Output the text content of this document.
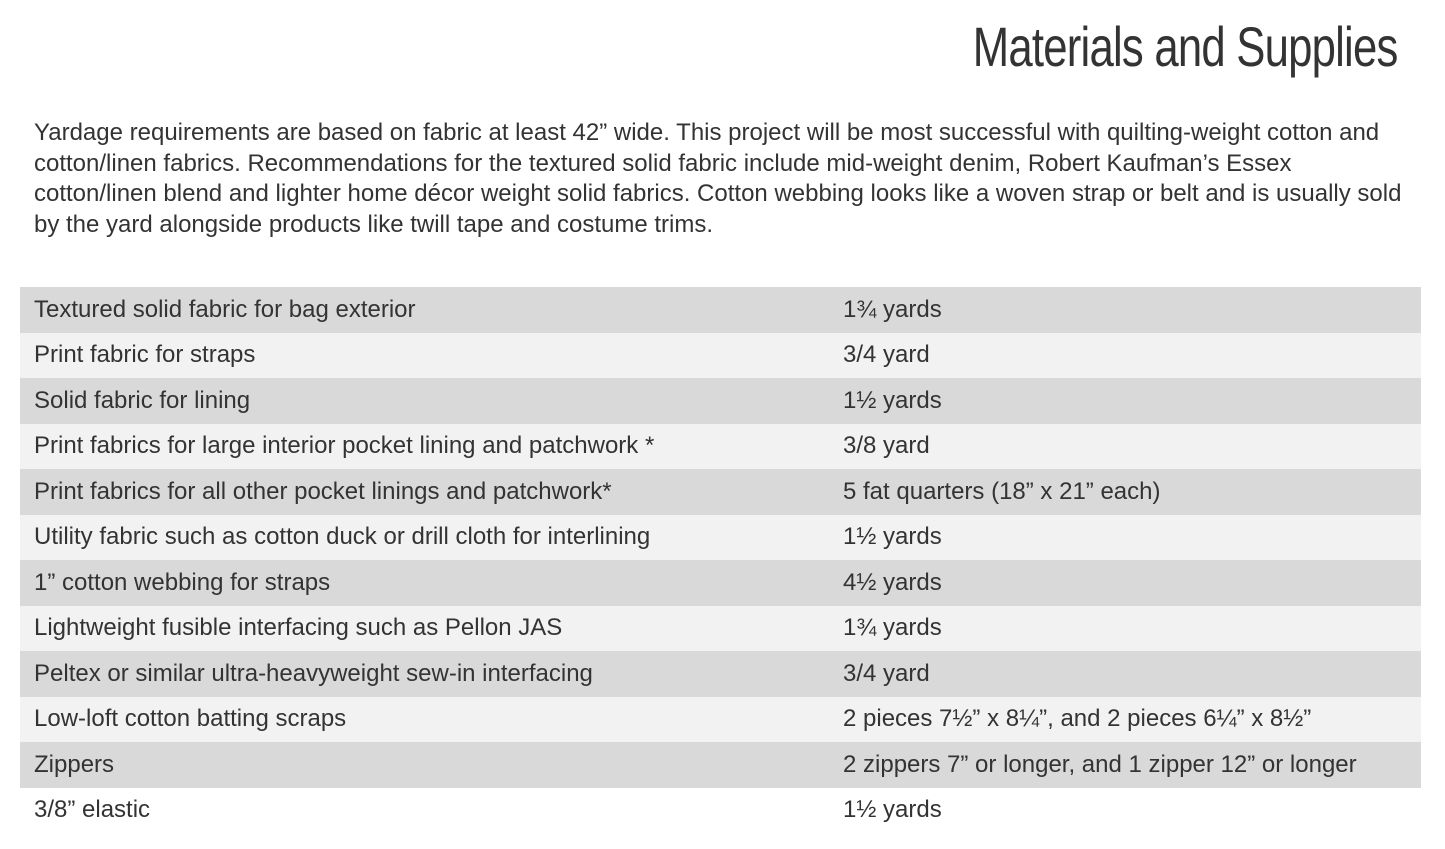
Materials and Supplies

Yardage requirements are based on fabric at least 42” wide. This project will be most successful with quilting-weight cotton and cotton/linen fabrics. Recommendations for the textured solid fabric include mid-weight denim, Robert Kaufman’s Essex cotton/linen blend and lighter home décor weight solid fabrics. Cotton webbing looks like a woven strap or belt and is usually sold by the yard alongside products like twill tape and costume trims.

Textured solid fabric for bag exterior	1¾ yards
Print fabric for straps	3/4 yard
Solid fabric for lining	1½ yards
Print fabrics for large interior pocket lining and patchwork *	3/8 yard
Print fabrics for all other pocket linings and patchwork*	5 fat quarters (18” x 21” each)
Utility fabric such as cotton duck or drill cloth for interlining	1½ yards
1” cotton webbing for straps	4½ yards
Lightweight fusible interfacing such as Pellon JAS	1¾ yards
Peltex or similar ultra-heavyweight sew-in interfacing	3/4 yard
Low-loft cotton batting scraps	2 pieces 7½” x 8¼”, and 2 pieces 6¼” x 8½”
Zippers	2 zippers 7” or longer, and 1 zipper 12” or longer
3/8” elastic	1½ yards
